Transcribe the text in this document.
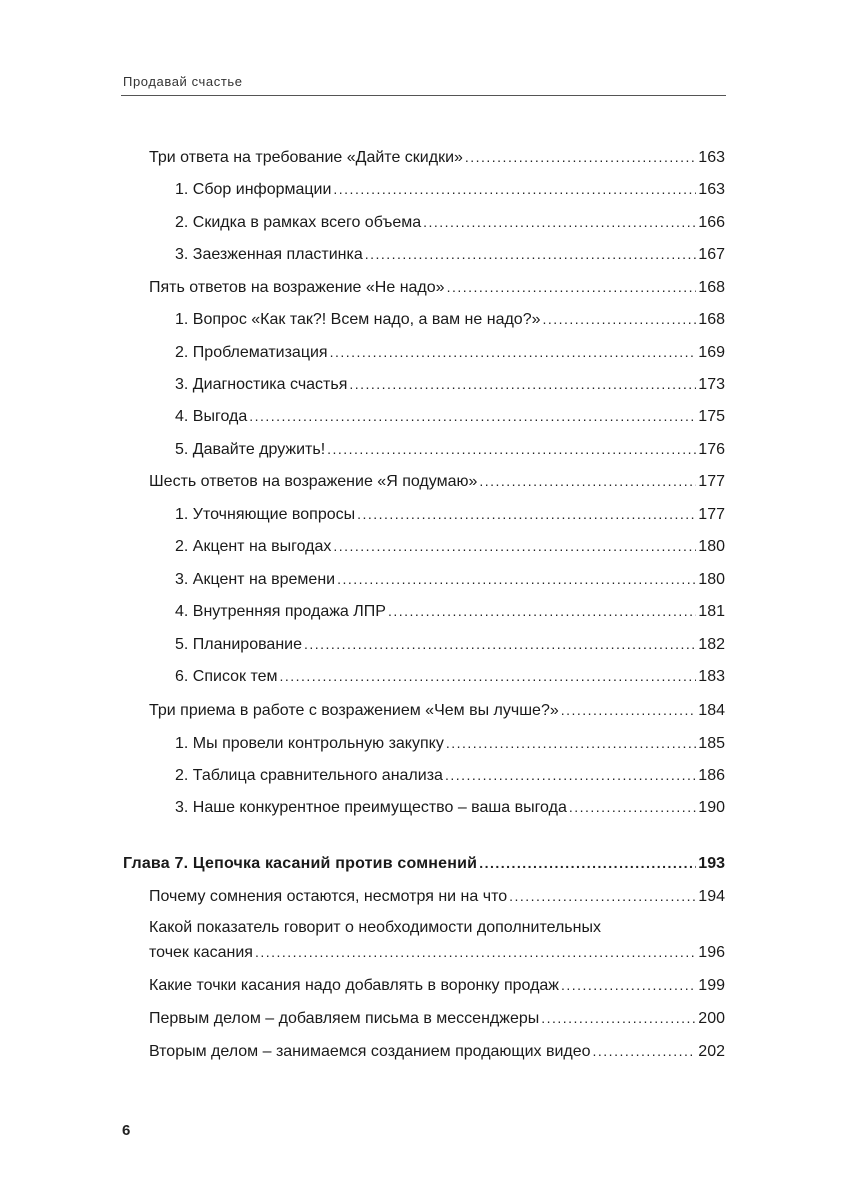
Продавай счастье
Три ответа на требование «Дайте скидки» . . .	163
1. Сбор информации . . .	163
2. Скидка в рамках всего объема . . .	166
3. Заезженная пластинка . . .	167
Пять ответов на возражение «Не надо» . . .	168
1. Вопрос «Как так?! Всем надо, а вам не надо?» . . .	168
2. Проблематизация . . .	169
3. Диагностика счастья . . .	173
4. Выгода . . .	175
5. Давайте дружить! . . .	176
Шесть ответов на возражение «Я подумаю» . . .	177
1. Уточняющие вопросы . . .	177
2. Акцент на выгодах . . .	180
3. Акцент на времени . . .	180
4. Внутренняя продажа ЛПР . . .	181
5. Планирование . . .	182
6. Список тем . . .	183
Три приема в работе с возражением «Чем вы лучше?» . . .	184
1. Мы провели контрольную закупку . . .	185
2. Таблица сравнительного анализа . . .	186
3. Наше конкурентное преимущество – ваша выгода . . .	190
Глава 7. Цепочка касаний против сомнений . . .	193
Почему сомнения остаются, несмотря ни на что . . .	194
Какой показатель говорит о необходимости дополнительных
точек касания . . .	196
Какие точки касания надо добавлять в воронку продаж . . .	199
Первым делом – добавляем письма в мессенджеры . . .	200
Вторым делом – занимаемся созданием продающих видео . . .	202
6
